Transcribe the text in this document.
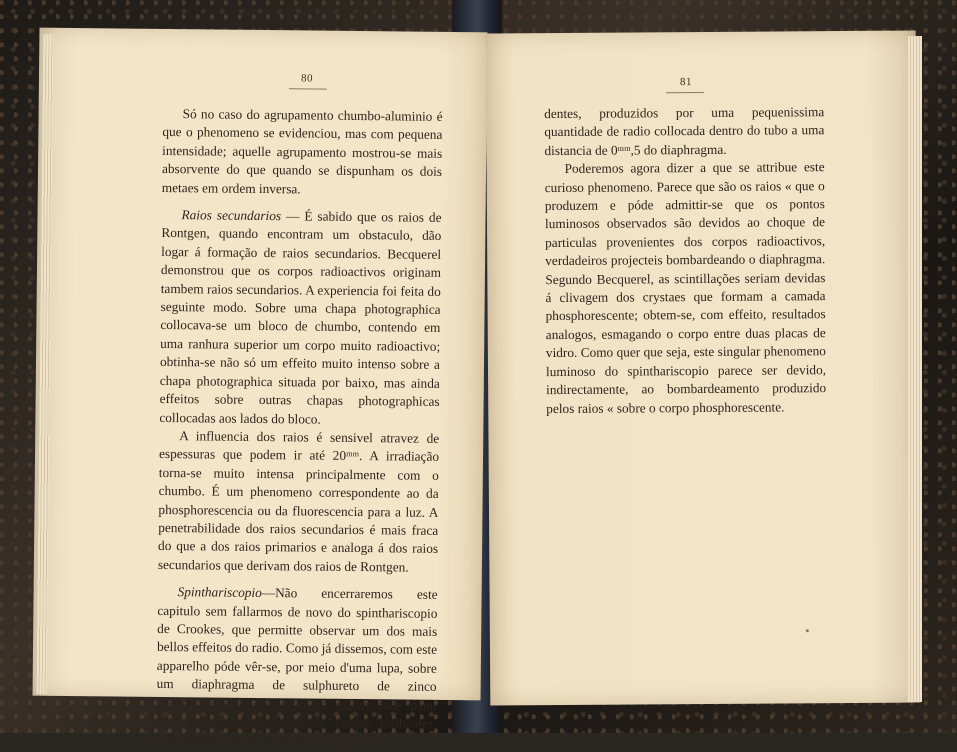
80

Só no caso do agrupamento chumbo-aluminio é que o phenomeno se evidenciou, mas com pequena intensidade; aquelle agrupamento mostrou-se mais absorvente do que quando se dispunham os dois metaes em ordem inversa.

Raios secundarios — É sabido que os raios de Rontgen, quando encontram um obstaculo, dão logar á formação de raios secundarios. Becquerel demonstrou que os corpos radioactivos originam tambem raios secundarios. A experiencia foi feita do seguinte modo. Sobre uma chapa photographica collocava-se um bloco de chumbo, contendo em uma ranhura superior um corpo muito radioactivo; obtinha-se não só um effeito muito intenso sobre a chapa photographica situada por baixo, mas ainda effeitos sobre outras chapas photographicas collocadas aos lados do bloco.

A influencia dos raios é sensivel atravez de espessuras que podem ir até 20ᵐᵐ. A irradiação torna-se muito intensa principalmente com o chumbo. É um phenomeno correspondente ao da phosphorescencia ou da fluorescencia para a luz. A penetrabilidade dos raios secundarios é mais fraca do que a dos raios primarios e analoga á dos raios secundarios que derivam dos raios de Rontgen.

Spinthariscopio—Não encerraremos este capitulo sem fallarmos de novo do spinthariscopio de Crookes, que permitte observar um dos mais bellos effeitos do radio. Como já dissemos, com este apparelho póde vêr-se, por meio d'uma lupa, sobre um diaphragma de sulphureto de zinco phosphorescente collocado na extremidade d'um tubo fechado, uma série de pontos brilhantes, semelhantes a uma chuva de estrellas ca-

81

dentes, produzidos por uma pequenissima quantidade de radio collocada dentro do tubo a uma distancia de 0ᵐᵐ,5 do diaphragma.

Poderemos agora dizer a que se attribue este curioso phenomeno. Parece que são os raios « que o produzem e póde admittir-se que os pontos luminosos observados são devidos ao choque de particulas provenientes dos corpos radioactivos, verdadeiros projecteis bombardeando o diaphragma. Segundo Becquerel, as scintillações seriam devidas á clivagem dos crystaes que formam a camada phosphorescente; obtem-se, com effeito, resultados analogos, esmagando o corpo entre duas placas de vidro. Como quer que seja, este singular phenomeno luminoso do spinthariscopio parece ser devido, indirectamente, ao bombardeamento produzido pelos raios « sobre o corpo phosphorescente.
